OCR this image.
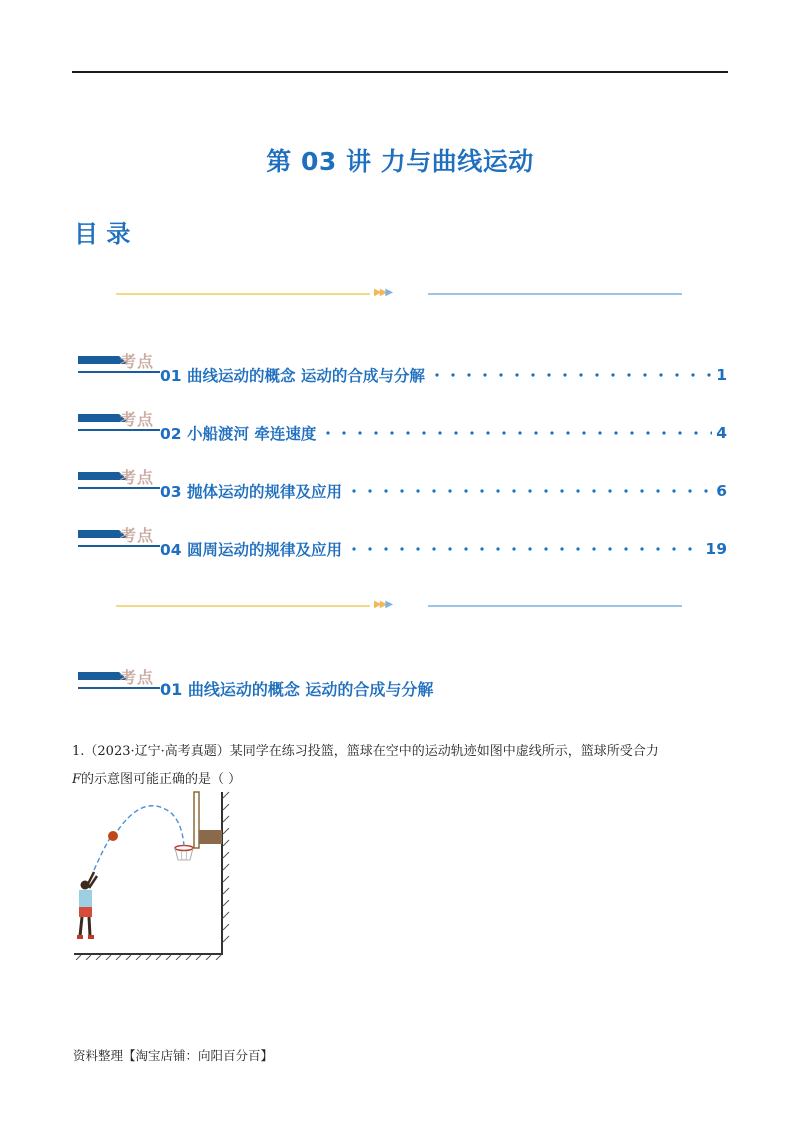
第 03 讲 力与曲线运动
目 录
▶▶▶
考点
01 曲线运动的概念 运动的合成与分解	1
考点
02 小船渡河 牵连速度	4
考点
03 抛体运动的规律及应用	6
考点
04 圆周运动的规律及应用	19
▶▶▶
考点
01 曲线运动的概念 运动的合成与分解
1.（2023·辽宁·高考真题）某同学在练习投篮，篮球在空中的运动轨迹如图中虚线所示，篮球所受合力
F的示意图可能正确的是（ ）
资料整理【淘宝店铺：向阳百分百】
